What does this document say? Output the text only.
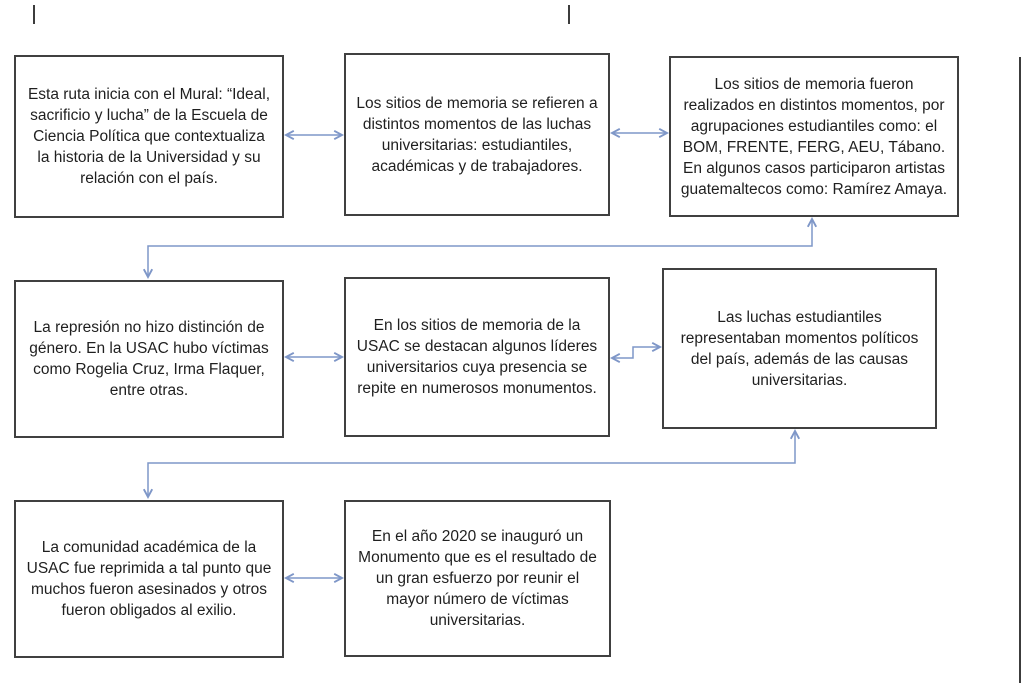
Esta ruta inicia con el Mural: “Ideal, sacrificio y lucha” de la Escuela de Ciencia Política que contextualiza la historia de la Universidad y su relación con el país.
Los sitios de memoria se refieren a distintos momentos de las luchas universitarias: estudiantiles, académicas y de trabajadores.
Los sitios de memoria fueron realizados en distintos momentos, por agrupaciones estudiantiles como: el BOM, FRENTE, FERG, AEU, Tábano. En algunos casos participaron artistas guatemaltecos como: Ramírez Amaya.
La represión no hizo distinción de género. En la USAC hubo víctimas como Rogelia Cruz, Irma Flaquer, entre otras.
En los sitios de memoria de la USAC se destacan algunos líderes universitarios cuya presencia se repite en numerosos monumentos.
Las luchas estudiantiles representaban momentos políticos del país, además de las causas universitarias.
La comunidad académica de la USAC fue reprimida a tal punto que muchos fueron asesinados y otros fueron obligados al exilio.
En el año 2020 se inauguró un Monumento que es el resultado de un gran esfuerzo por reunir el mayor número de víctimas universitarias.
